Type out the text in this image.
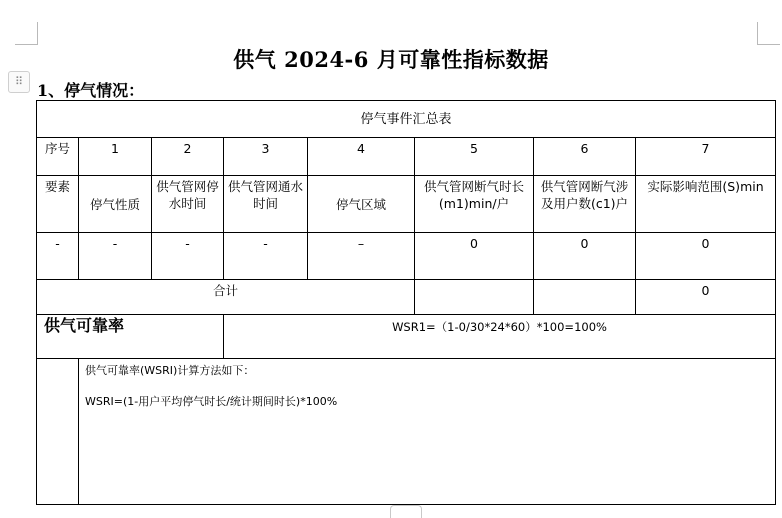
⠿
供气 2024-6 月可靠性指标数据
1、停气情况：
停气事件汇总表							
序号	1	2	3	4	5	6	7
要素	停气性质	供气管网停水时间	供气管网通水时间	停气区域	供气管网断气时长(m1)min/户	供气管网断气涉及用户数(c1)户	实际影响范围(S)min
-	-	-	-	–	0	0	0
合计							0
供气可靠率			WSR1=（1-0/30*24*60）*100=100%				

	供气可靠率(WSRI)计算方法如下：
WSRI=(1-用户平均停气时长/统计期间时长)*100%						
